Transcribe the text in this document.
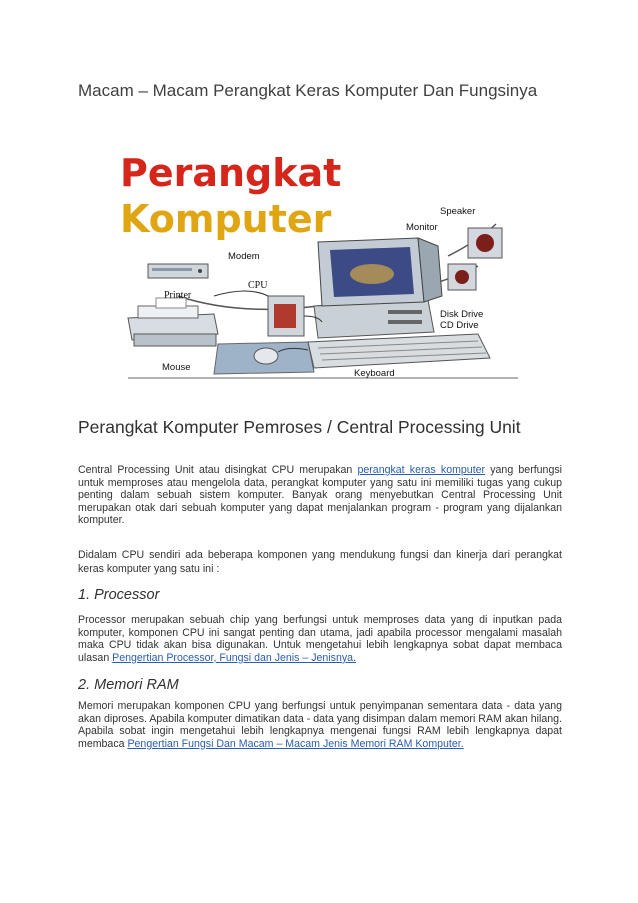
Macam – Macam Perangkat Keras Komputer Dan Fungsinya
Perangkat
Komputer	Speaker
Monitor
Modem
CPU
Printer
Disk Drive
CD Drive
Mouse
Keyboard
Perangkat Komputer Pemroses / Central Processing Unit

Central Processing Unit atau disingkat CPU merupakan perangkat keras komputer yang berfungsi untuk memproses atau mengelola data, perangkat komputer yang satu ini memiliki tugas yang cukup penting dalam sebuah sistem komputer. Banyak orang menyebutkan Central Processing Unit merupakan otak dari sebuah komputer yang dapat menjalankan program - program yang dijalankan komputer.

Didalam CPU sendiri ada beberapa komponen yang mendukung fungsi dan kinerja dari perangkat keras komputer yang satu ini :

1. Processor

Processor merupakan sebuah chip yang berfungsi untuk memproses data yang di inputkan pada komputer, komponen CPU ini sangat penting dan utama, jadi apabila processor mengalami masalah maka CPU tidak akan bisa digunakan. Untuk mengetahui lebih lengkapnya sobat dapat membaca ulasan Pengertian Processor, Fungsi dan Jenis – Jenisnya.

2. Memori RAM

Memori merupakan komponen CPU yang berfungsi untuk penyimpanan sementara data - data yang akan diproses. Apabila komputer dimatikan data - data yang disimpan dalam memori RAM akan hilang. Apabila sobat ingin mengetahui lebih lengkapnya mengenai fungsi RAM lebih lengkapnya dapat membaca Pengertian Fungsi Dan Macam – Macam Jenis Memori RAM Komputer.
